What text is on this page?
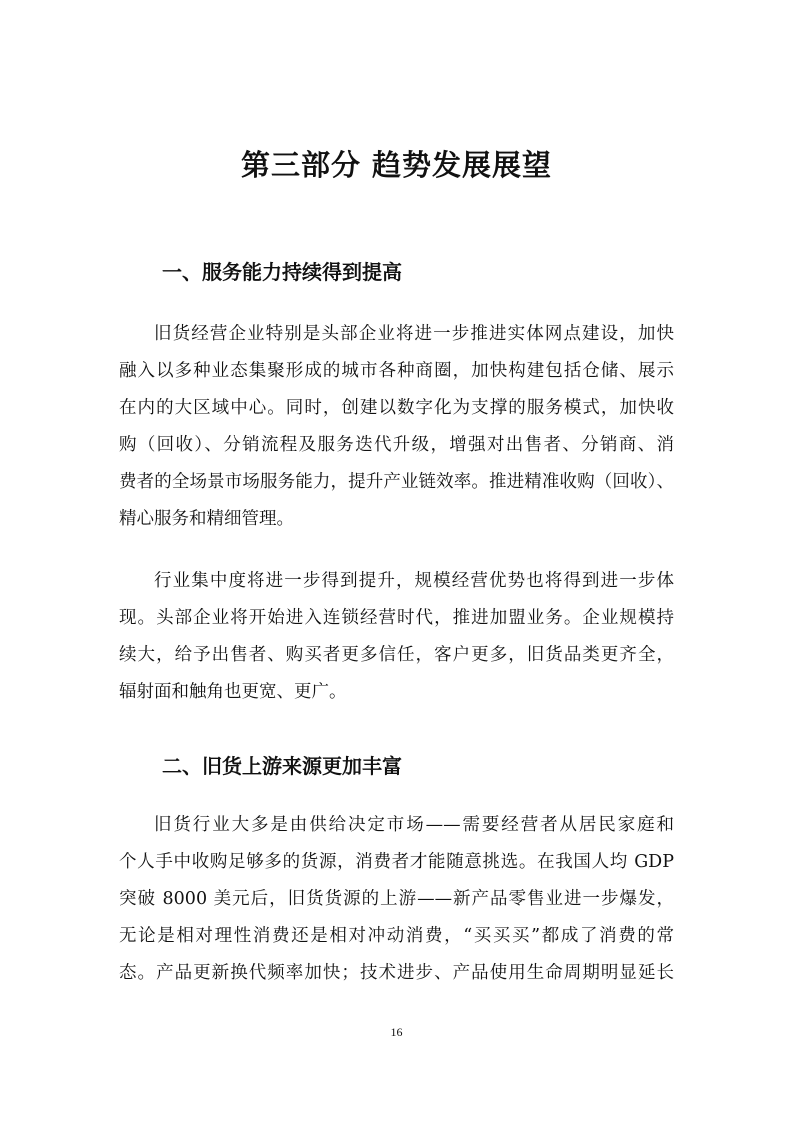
第三部分 趋势发展展望
一、服务能力持续得到提高
旧货经营企业特别是头部企业将进一步推进实体网点建设，加快
融入以多种业态集聚形成的城市各种商圈，加快构建包括仓储、展示
在内的大区域中心。同时，创建以数字化为支撑的服务模式，加快收
购（回收）、分销流程及服务迭代升级，增强对出售者、分销商、消
费者的全场景市场服务能力，提升产业链效率。推进精准收购（回收）、
精心服务和精细管理。
行业集中度将进一步得到提升，规模经营优势也将得到进一步体
现。头部企业将开始进入连锁经营时代，推进加盟业务。企业规模持
续大，给予出售者、购买者更多信任，客户更多，旧货品类更齐全，
辐射面和触角也更宽、更广。
二、旧货上游来源更加丰富
旧货行业大多是由供给决定市场——需要经营者从居民家庭和
个人手中收购足够多的货源，消费者才能随意挑选。在我国人均 GDP
突破 8000 美元后，旧货货源的上游——新产品零售业进一步爆发，
无论是相对理性消费还是相对冲动消费，“买买买”都成了消费的常
态。产品更新换代频率加快；技术进步、产品使用生命周期明显延长

16
